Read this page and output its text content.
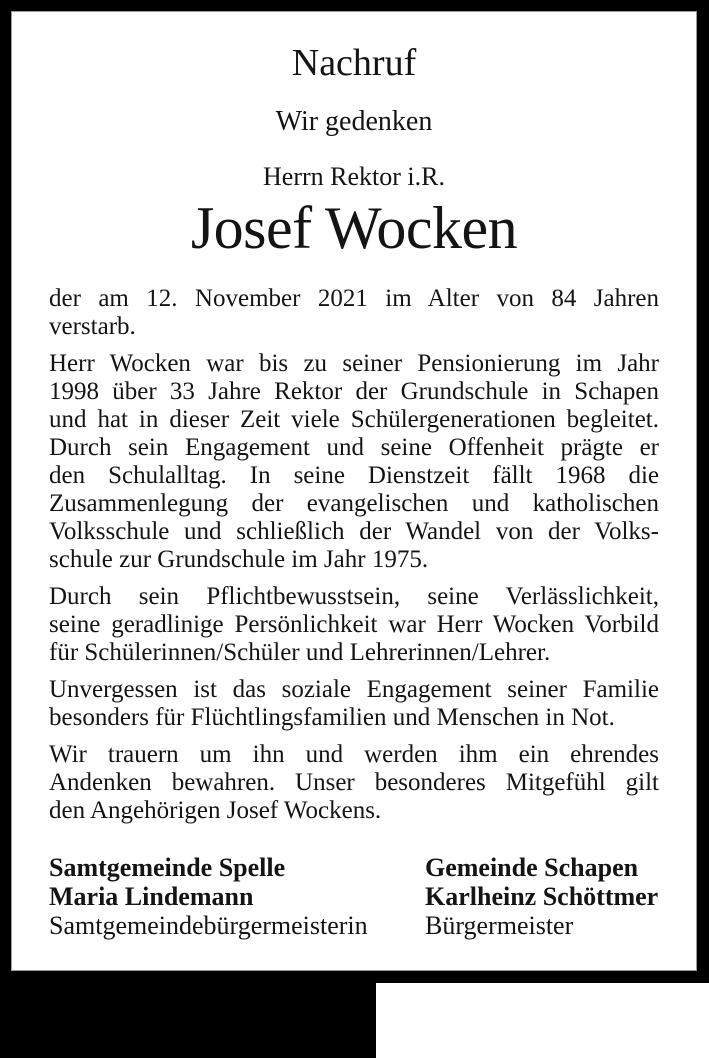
Nachruf
Wir gedenken
Herrn Rektor i.R.
Josef Wocken
der am 12. November 2021 im Alter von 84 Jahren
verstarb.
Herr Wocken war bis zu seiner Pensionierung im Jahr
1998 über 33 Jahre Rektor der Grundschule in Schapen
und hat in dieser Zeit viele Schülergenerationen begleitet.
Durch sein Engagement und seine Offenheit prägte er
den Schulalltag. In seine Dienstzeit fällt 1968 die
Zusammenlegung der evangelischen und katholischen
Volksschule und schließlich der Wandel von der Volks-
schule zur Grundschule im Jahr 1975.
Durch sein Pflichtbewusstsein, seine Verlässlichkeit,
seine geradlinige Persönlichkeit war Herr Wocken Vorbild
für Schülerinnen/Schüler und Lehrerinnen/Lehrer.
Unvergessen ist das soziale Engagement seiner Familie
besonders für Flüchtlingsfamilien und Menschen in Not.
Wir trauern um ihn und werden ihm ein ehrendes
Andenken bewahren. Unser besonderes Mitgefühl gilt
den Angehörigen Josef Wockens.
Samtgemeinde Spelle
Maria Lindemann
Samtgemeindebürgermeisterin
Gemeinde Schapen
Karlheinz Schöttmer
Bürgermeister
